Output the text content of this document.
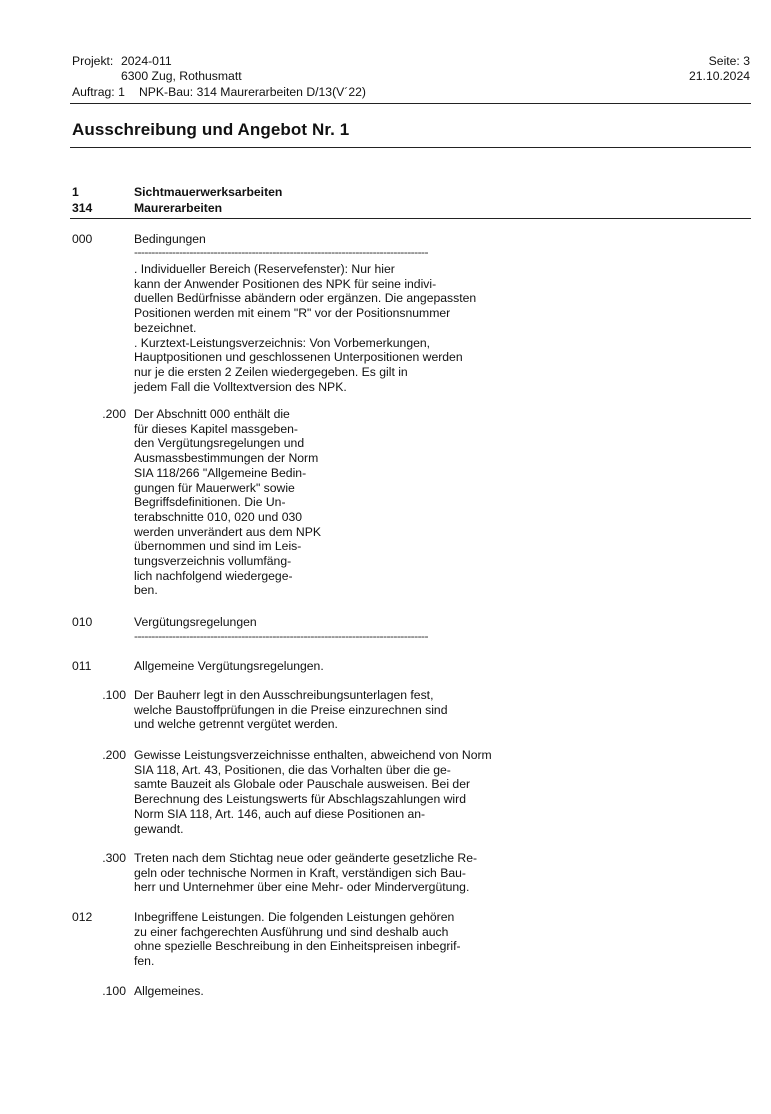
Projekt: 2024-011
6300 Zug, Rothusmatt
Auftrag: 1 NPK-Bau: 314 Maurerarbeiten D/13(V´22)
Seite: 3
21.10.2024
Ausschreibung und Angebot Nr. 1
1	Sichtmauerwerksarbeiten
314	Maurerarbeiten
000	Bedingungen
-------------------------------------------------------------------------------------
. Individueller Bereich (Reservefenster): Nur hier
kann der Anwender Positionen des NPK für seine indivi-
duellen Bedürfnisse abändern oder ergänzen. Die angepassten
Positionen werden mit einem "R" vor der Positionsnummer
bezeichnet.
. Kurztext-Leistungsverzeichnis: Von Vorbemerkungen,
Hauptpositionen und geschlossenen Unterpositionen werden
nur je die ersten 2 Zeilen wiedergegeben. Es gilt in
jedem Fall die Volltextversion des NPK.
.200 Der Abschnitt 000 enthält die
für dieses Kapitel massgeben-
den Vergütungsregelungen und
Ausmassbestimmungen der Norm
SIA 118/266 "Allgemeine Bedin-
gungen für Mauerwerk" sowie
Begriffsdefinitionen. Die Un-
terabschnitte 010, 020 und 030
werden unverändert aus dem NPK
übernommen und sind im Leis-
tungsverzeichnis vollumfäng-
lich nachfolgend wiedergege-
ben.
010	Vergütungsregelungen
-------------------------------------------------------------------------------------
011	Allgemeine Vergütungsregelungen.
.100 Der Bauherr legt in den Ausschreibungsunterlagen fest,
welche Baustoffprüfungen in die Preise einzurechnen sind
und welche getrennt vergütet werden.
.200 Gewisse Leistungsverzeichnisse enthalten, abweichend von Norm
SIA 118, Art. 43, Positionen, die das Vorhalten über die ge-
samte Bauzeit als Globale oder Pauschale ausweisen. Bei der
Berechnung des Leistungswerts für Abschlagszahlungen wird
Norm SIA 118, Art. 146, auch auf diese Positionen an-
gewandt.
.300 Treten nach dem Stichtag neue oder geänderte gesetzliche Re-
geln oder technische Normen in Kraft, verständigen sich Bau-
herr und Unternehmer über eine Mehr- oder Mindervergütung.
012	Inbegriffene Leistungen. Die folgenden Leistungen gehören
zu einer fachgerechten Ausführung und sind deshalb auch
ohne spezielle Beschreibung in den Einheitspreisen inbegrif-
fen.
.100 Allgemeines.
